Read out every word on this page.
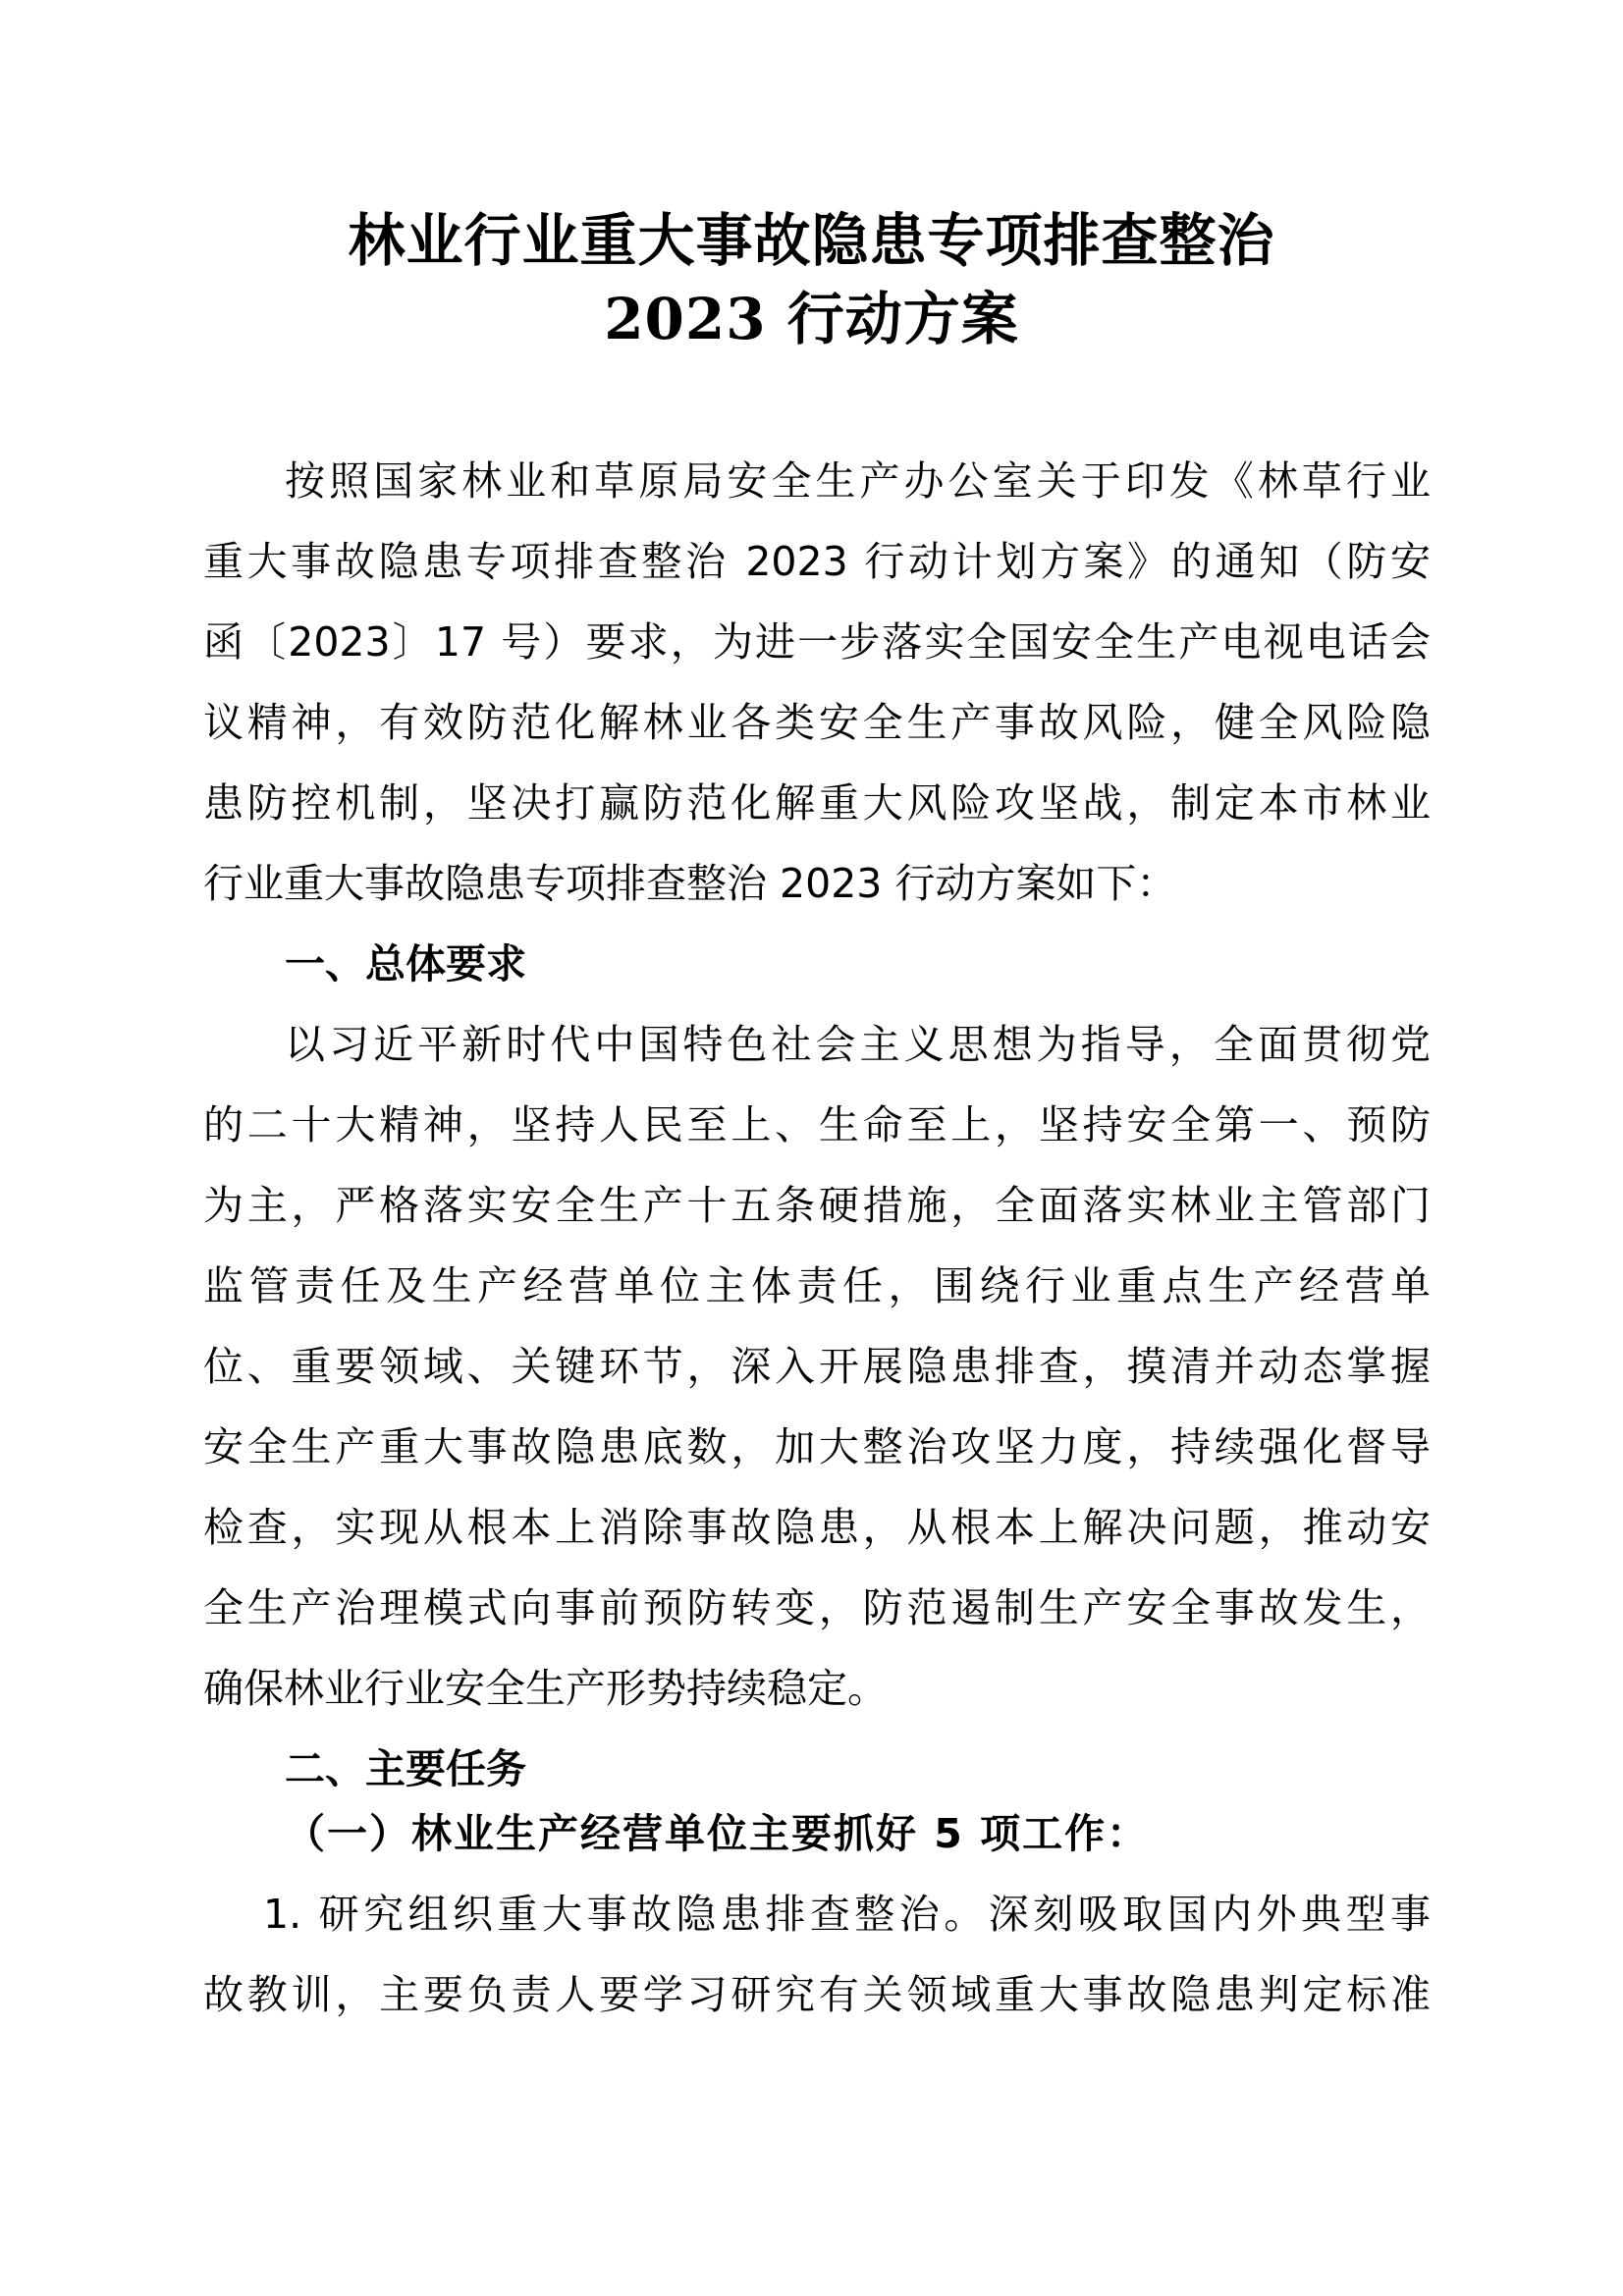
林业行业重大事故隐患专项排查整治
2023 行动方案
按照国家林业和草原局安全生产办公室关于印发《林草行业
重大事故隐患专项排查整治 2023 行动计划方案》的通知（防安
函〔2023〕17 号）要求，为进一步落实全国安全生产电视电话会
议精神，有效防范化解林业各类安全生产事故风险，健全风险隐
患防控机制，坚决打赢防范化解重大风险攻坚战，制定本市林业
行业重大事故隐患专项排查整治 2023 行动方案如下：
一、总体要求
以习近平新时代中国特色社会主义思想为指导，全面贯彻党
的二十大精神，坚持人民至上、生命至上，坚持安全第一、预防
为主，严格落实安全生产十五条硬措施，全面落实林业主管部门
监管责任及生产经营单位主体责任，围绕行业重点生产经营单
位、重要领域、关键环节，深入开展隐患排查，摸清并动态掌握
安全生产重大事故隐患底数，加大整治攻坚力度，持续强化督导
检查，实现从根本上消除事故隐患，从根本上解决问题，推动安
全生产治理模式向事前预防转变，防范遏制生产安全事故发生，
确保林业行业安全生产形势持续稳定。
二、主要任务
（一）林业生产经营单位主要抓好 5 项工作：
1. 研究组织重大事故隐患排查整治。深刻吸取国内外典型事
故教训，主要负责人要学习研究有关领域重大事故隐患判定标准
